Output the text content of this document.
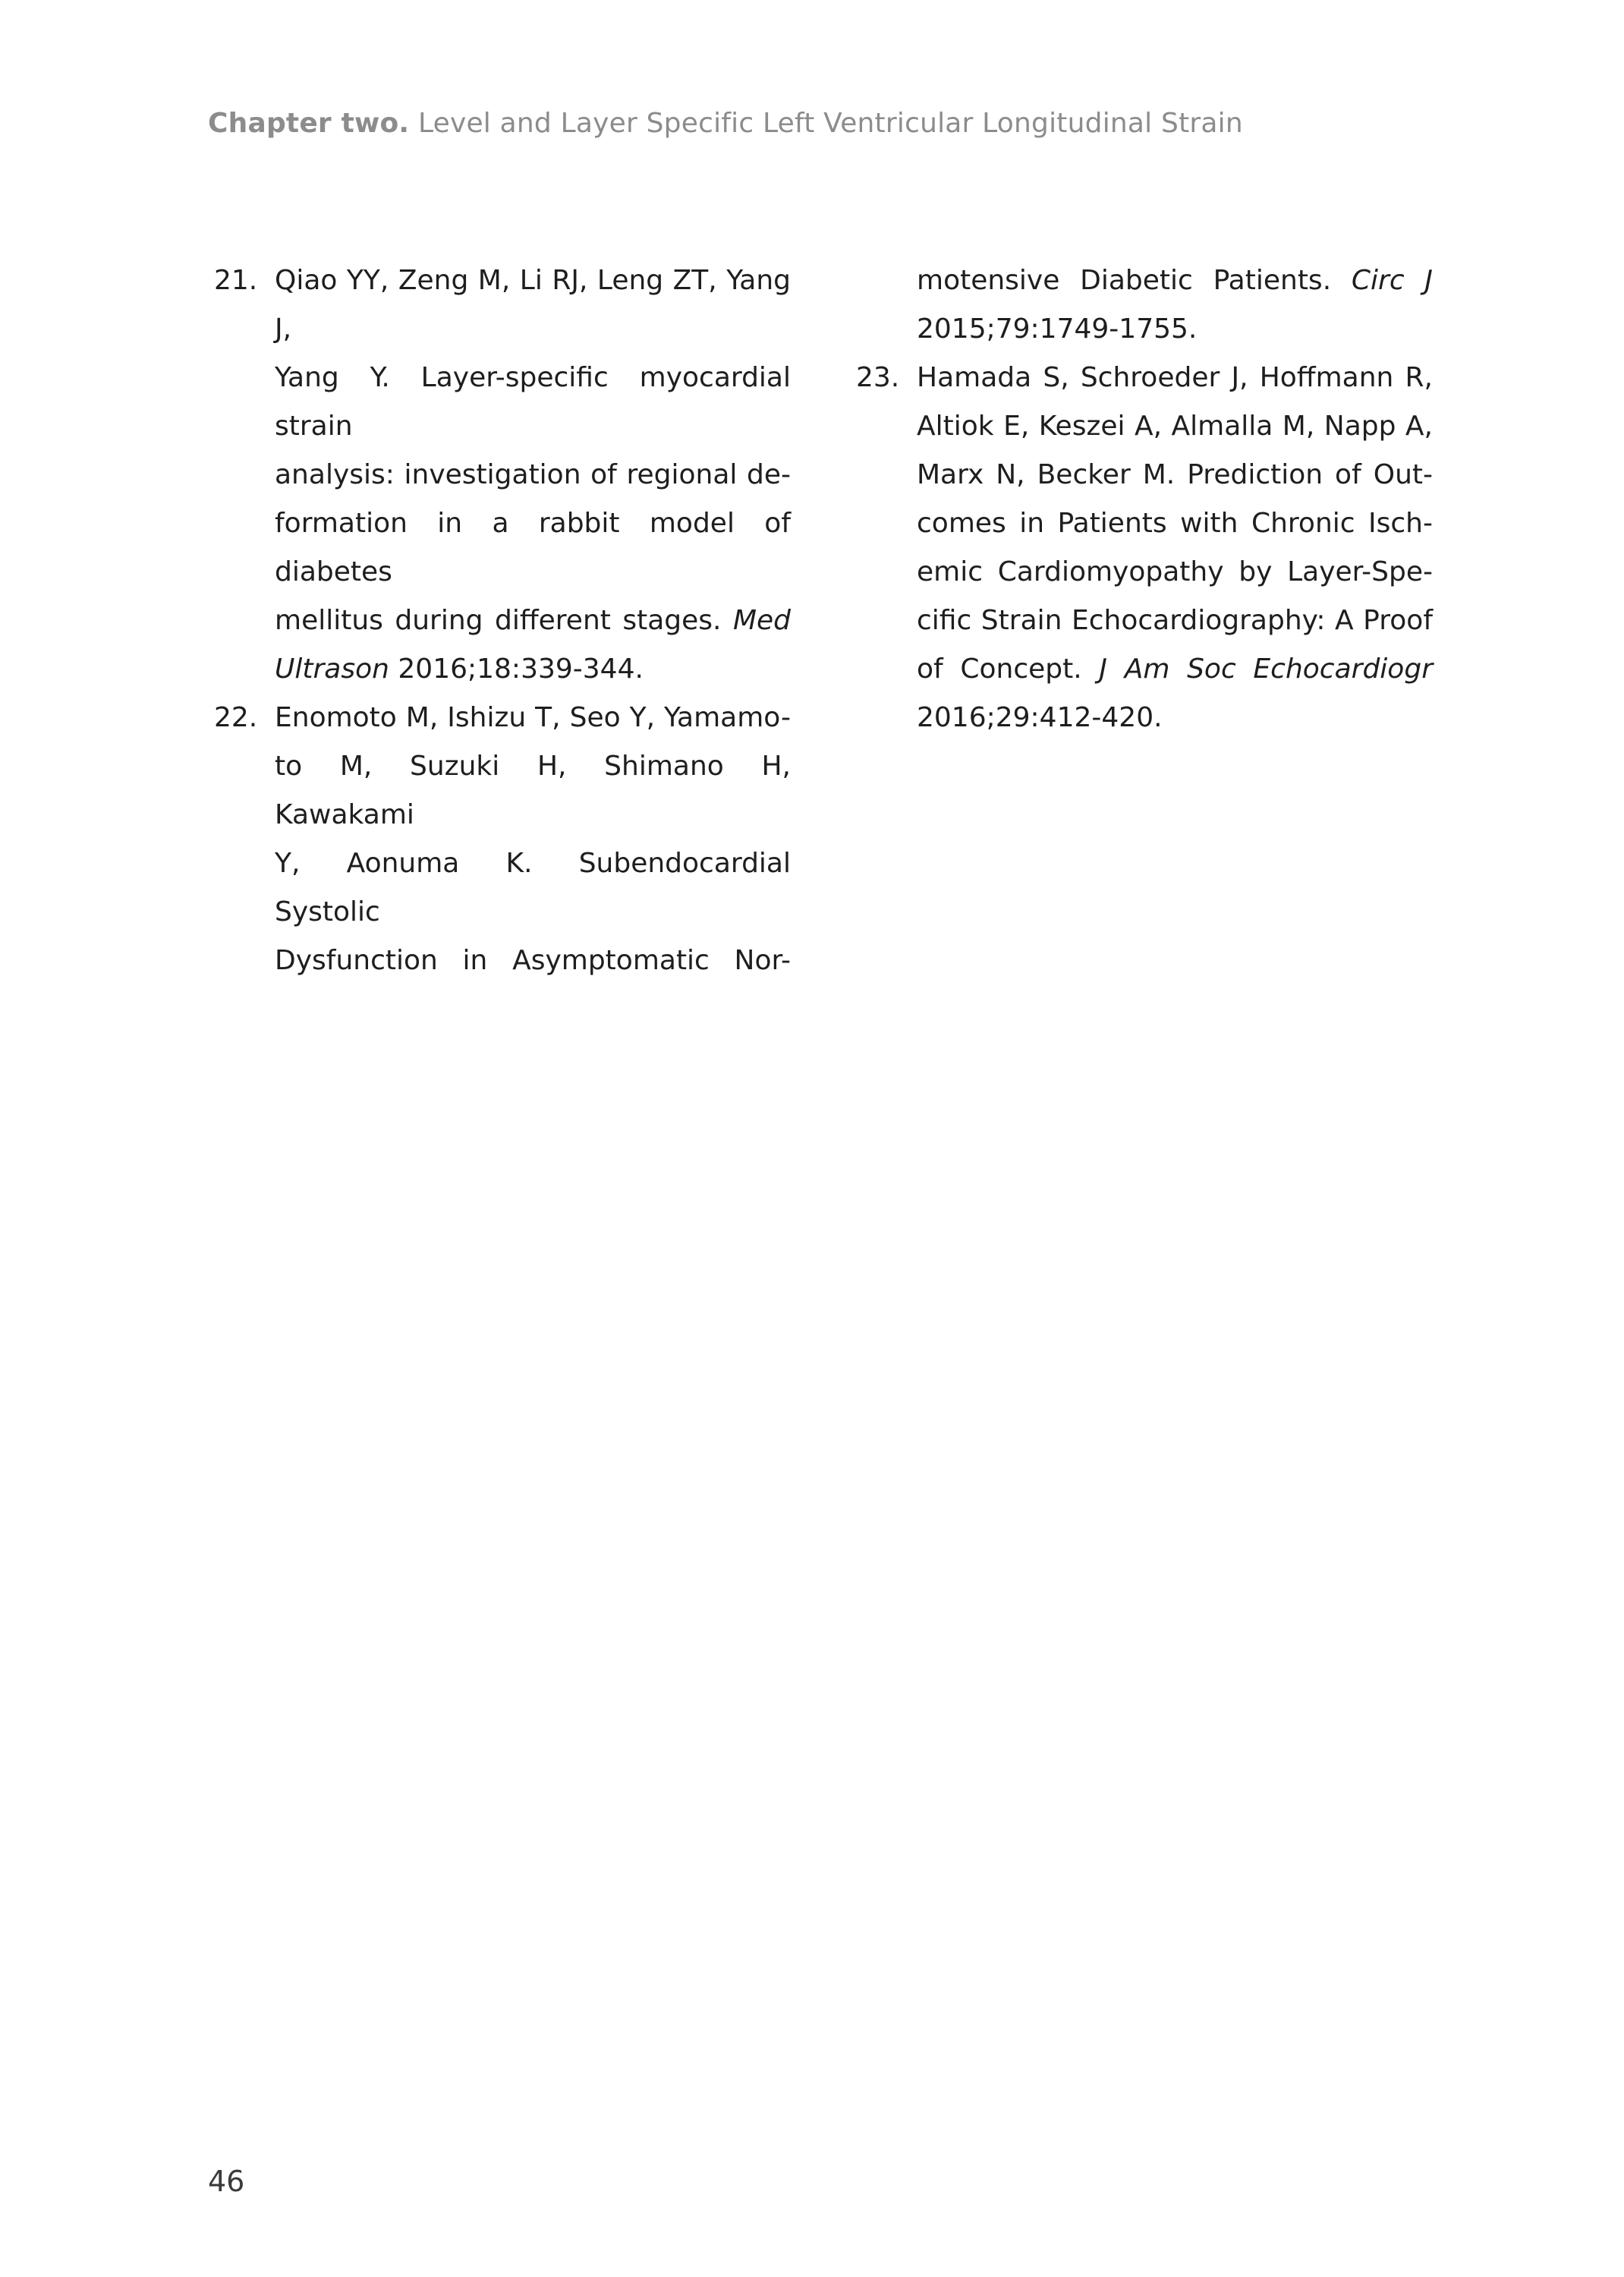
Chapter two. Level and Layer Specific Left Ventricular Longitudinal Strain
21. Qiao YY, Zeng M, Li RJ, Leng ZT, Yang J,
Yang Y. Layer-specific myocardial strain
analysis: investigation of regional de-
formation in a rabbit model of diabetes
mellitus during different stages. Med
Ultrason 2016;18:339-344.
22. Enomoto M, Ishizu T, Seo Y, Yamamo-
to M, Suzuki H, Shimano H, Kawakami
Y, Aonuma K. Subendocardial Systolic
Dysfunction in Asymptomatic Nor-
motensive Diabetic Patients. Circ J
2015;79:1749-1755.
23. Hamada S, Schroeder J, Hoffmann R,
Altiok E, Keszei A, Almalla M, Napp A,
Marx N, Becker M. Prediction of Out-
comes in Patients with Chronic Isch-
emic Cardiomyopathy by Layer-Spe-
cific Strain Echocardiography: A Proof
of Concept. J Am Soc Echocardiogr
2016;29:412-420.
46
